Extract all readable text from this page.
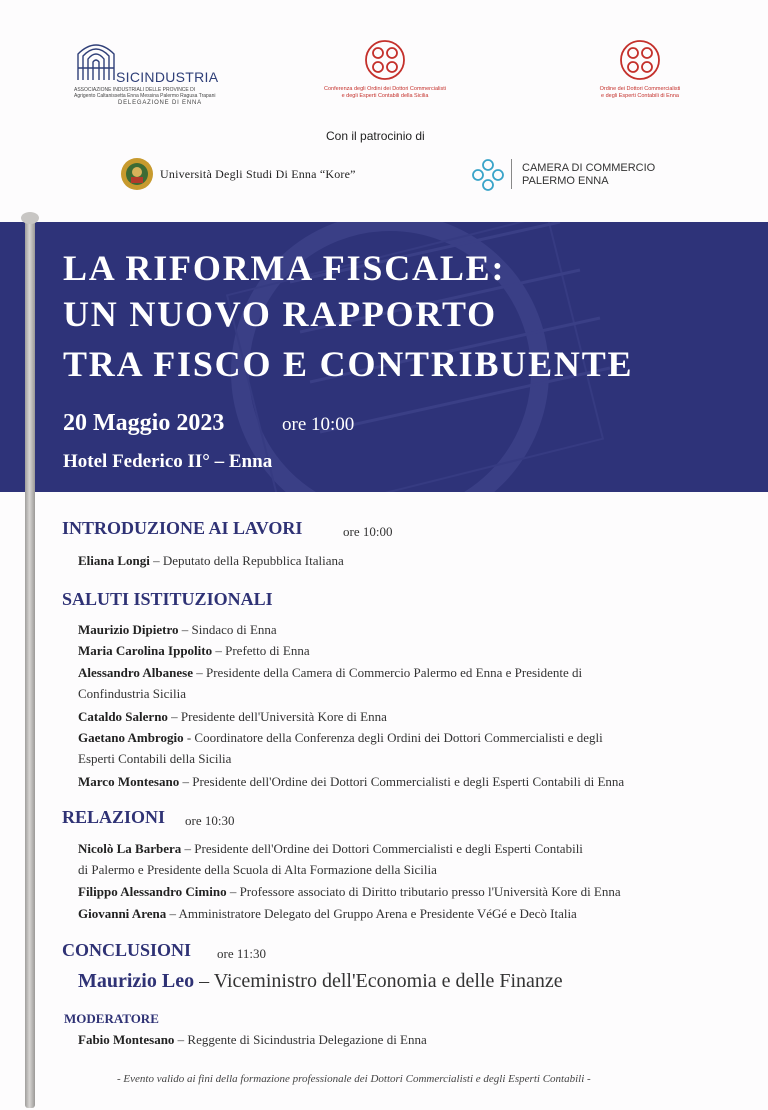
SICINDUSTRIA
ASSOCIAZIONE INDUSTRIALI DELLE PROVINCE DI
Agrigento Caltanissetta Enna Messina Palermo Ragusa Trapani
DELEGAZIONE DI ENNA
Conferenza degli Ordini dei Dottori Commercialisti
e degli Esperti Contabili della Sicilia
Ordine dei Dottori Commercialisti
e degli Esperti Contabili di Enna
Con il patrocinio di
Università Degli Studi Di Enna “Kore”	CAMERA DI COMMERCIO
PALERMO ENNA
LA RIFORMA FISCALE:
UN NUOVO RAPPORTO
TRA FISCO E CONTRIBUENTE
20 Maggio 2023	ore 10:00
Hotel Federico II° – Enna
INTRODUZIONE AI LAVORI	ore 10:00
Eliana Longi – Deputato della Repubblica Italiana
SALUTI ISTITUZIONALI
Maurizio Dipietro – Sindaco di Enna
Maria Carolina Ippolito – Prefetto di Enna
Alessandro Albanese – Presidente della Camera di Commercio Palermo ed Enna e Presidente di
Confindustria Sicilia
Cataldo Salerno – Presidente dell'Università Kore di Enna
Gaetano Ambrogio - Coordinatore della Conferenza degli Ordini dei Dottori Commercialisti e degli
Esperti Contabili della Sicilia
Marco Montesano – Presidente dell'Ordine dei Dottori Commercialisti e degli Esperti Contabili di Enna
RELAZIONI ore 10:30
Nicolò La Barbera – Presidente dell'Ordine dei Dottori Commercialisti e degli Esperti Contabili
di Palermo e Presidente della Scuola di Alta Formazione della Sicilia
Filippo Alessandro Cimino – Professore associato di Diritto tributario presso l'Università Kore di Enna
Giovanni Arena – Amministratore Delegato del Gruppo Arena e Presidente VéGé e Decò Italia
CONCLUSIONI ore 11:30
Maurizio Leo – Viceministro dell'Economia e delle Finanze
MODERATORE
Fabio Montesano – Reggente di Sicindustria Delegazione di Enna
- Evento valido ai fini della formazione professionale dei Dottori Commercialisti e degli Esperti Contabili -
